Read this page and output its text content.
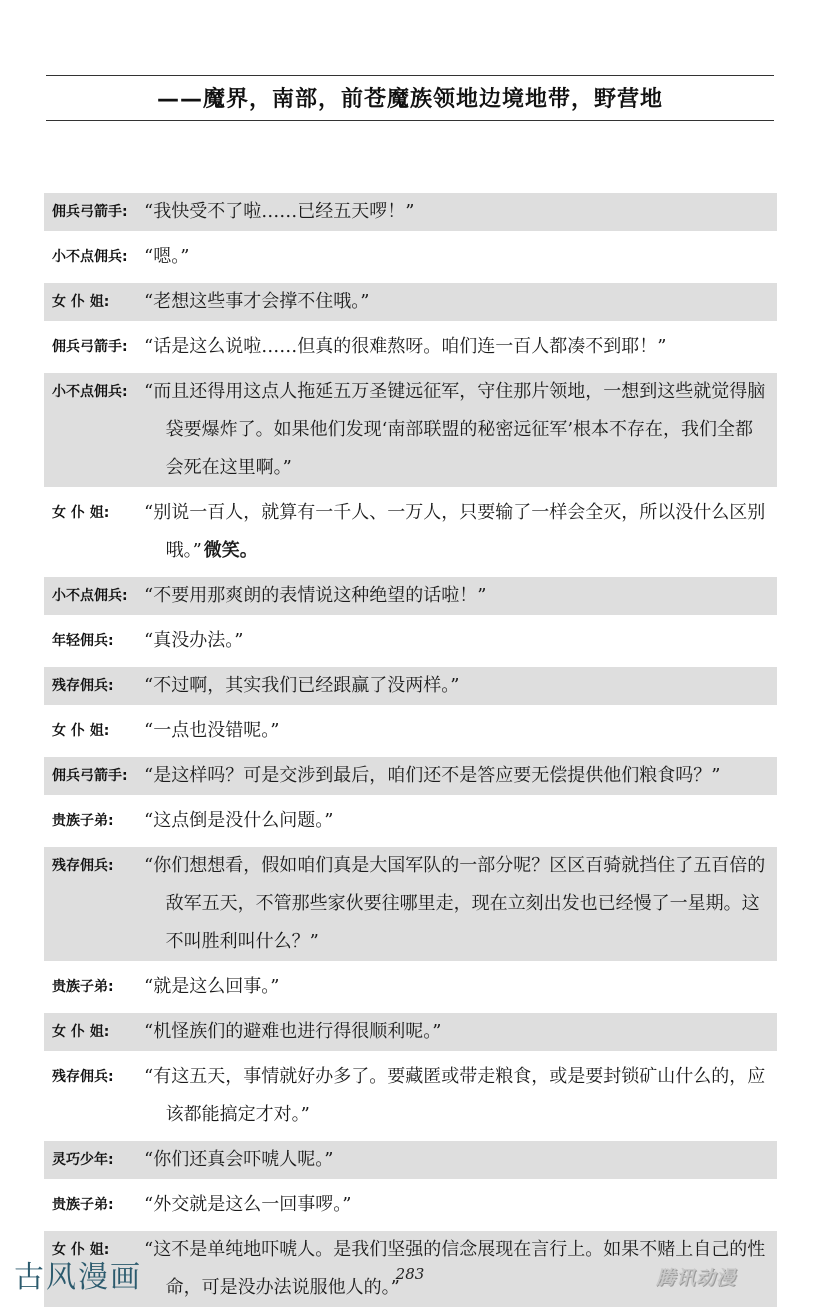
——魔界，南部，前苍魔族领地边境地带，野营地
佣兵弓箭手: “我快受不了啦……已经五天啰！”
小不点佣兵: “嗯。”
女 仆 姐:	“老想这些事才会撑不住哦。”
佣兵弓箭手: “话是这么说啦……但真的很难熬呀。咱们连一百人都凑不到耶！”
小不点佣兵: “而且还得用这点人拖延五万圣键远征军，守住那片领地，一想到这些就觉得脑袋要爆炸了。如果他们发现‘南部联盟的秘密远征军’根本不存在，我们全都会死在这里啊。”
女 仆 姐:	“别说一百人，就算有一千人、一万人，只要输了一样会全灭，所以没什么区别哦。” 微笑。
小不点佣兵: “不要用那爽朗的表情说这种绝望的话啦！”
年轻佣兵:	“真没办法。”
残存佣兵:	“不过啊，其实我们已经跟赢了没两样。”
女 仆 姐:	“一点也没错呢。”
佣兵弓箭手: “是这样吗？可是交涉到最后，咱们还不是答应要无偿提供他们粮食吗？”
贵族子弟:	“这点倒是没什么问题。”
残存佣兵:	“你们想想看，假如咱们真是大国军队的一部分呢？区区百骑就挡住了五百倍的敌军五天，不管那些家伙要往哪里走，现在立刻出发也已经慢了一星期。这不叫胜利叫什么？”
贵族子弟:	“就是这么回事。”
女 仆 姐:	“机怪族们的避难也进行得很顺利呢。”
残存佣兵:	“有这五天，事情就好办多了。要藏匿或带走粮食，或是要封锁矿山什么的，应该都能搞定才对。”
灵巧少年:	“你们还真会吓唬人呢。”
贵族子弟:	“外交就是这么一回事啰。”
女 仆 姐:	“这不是单纯地吓唬人。是我们坚强的信念展现在言行上。如果不赌上自己的性命，可是没办法说服他人的。”
古风漫画	283	腾讯动漫
